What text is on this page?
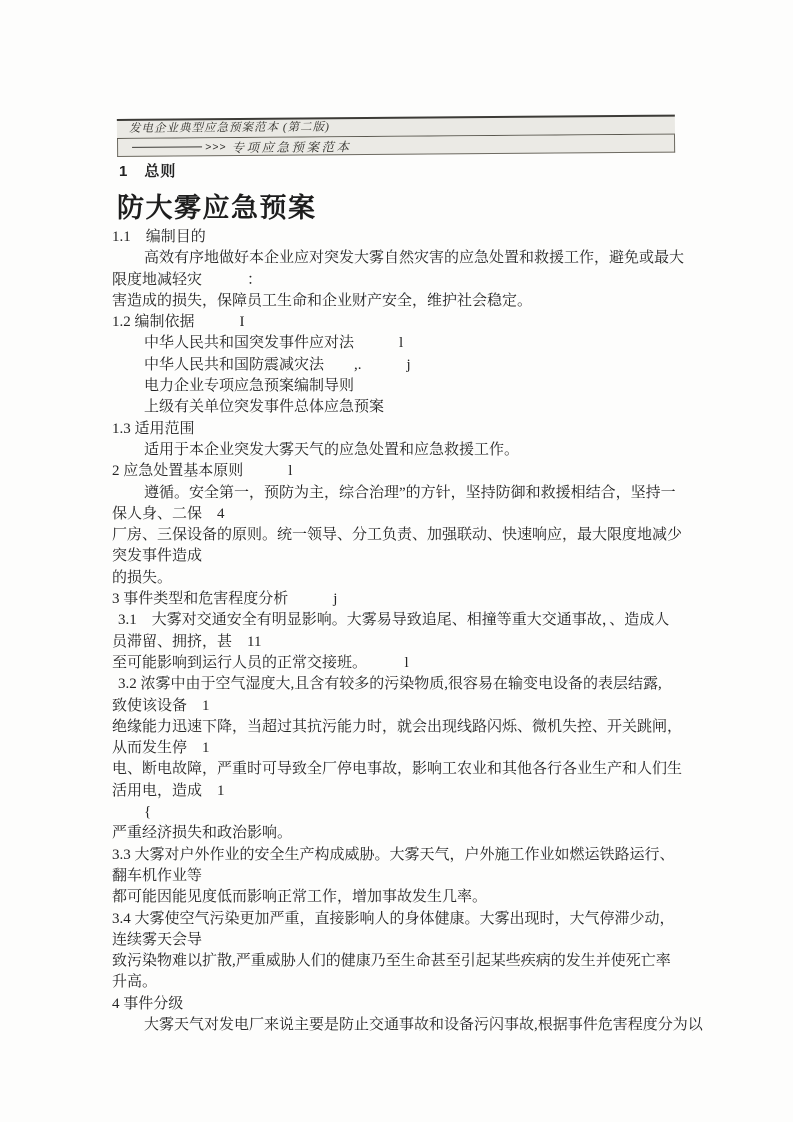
发电企业典型应急预案范本 (第二版)
>>> 专项应急预案范本
1　总则
防大雾应急预案
1.1　编制目的
高效有序地做好本企业应对突发大雾自然灾害的应急处置和救援工作，避免或最大
限度地减轻灾　　　：
害造成的损失，保障员工生命和企业财产安全，维护社会稳定。
1.2 编制依据　　　I
中华人民共和国突发事件应对法　　　l
中华人民共和国防震减灾法　　,.　　　j
电力企业专项应急预案编制导则
上级有关单位突发事件总体应急预案
1.3 适用范围
适用于本企业突发大雾天气的应急处置和应急救援工作。
2 应急处置基本原则　　　l
遵循。安全第一，预防为主，综合治理”的方针，坚持防御和救援相结合，坚持一
保人身、二保　4
厂房、三保设备的原则。统一领导、分工负责、加强联动、快速响应，最大限度地减少
突发事件造成
的损失。
3 事件类型和危害程度分析　　　j
3.1　大雾对交通安全有明显影响。大雾易导致追尾、相撞等重大交通事故，、造成人
员滞留、拥挤，甚　11
至可能影响到运行人员的正常交接班。　　　l
3.2 浓雾中由于空气湿度大,且含有较多的污染物质,很容易在输变电设备的表层结露,
致使该设备　1
绝缘能力迅速下降，当超过其抗污能力时，就会出现线路闪烁、微机失控、开关跳闸，
从而发生停　1
电、断电故障，严重时可导致全厂停电事故，影响工农业和其他各行各业生产和人们生
活用电，造成　1
{
严重经济损失和政治影响。
3.3 大雾对户外作业的安全生产构成威胁。大雾天气，户外施工作业如燃运铁路运行、
翻车机作业等
都可能因能见度低而影响正常工作，增加事故发生几率。
3.4 大雾使空气污染更加严重，直接影响人的身体健康。大雾出现时，大气停滞少动，
连续雾天会导
致污染物难以扩散,严重威胁人们的健康乃至生命甚至引起某些疾病的发生并使死亡率
升高。
4 事件分级
大雾天气对发电厂来说主要是防止交通事故和设备污闪事故,根据事件危害程度分为以
